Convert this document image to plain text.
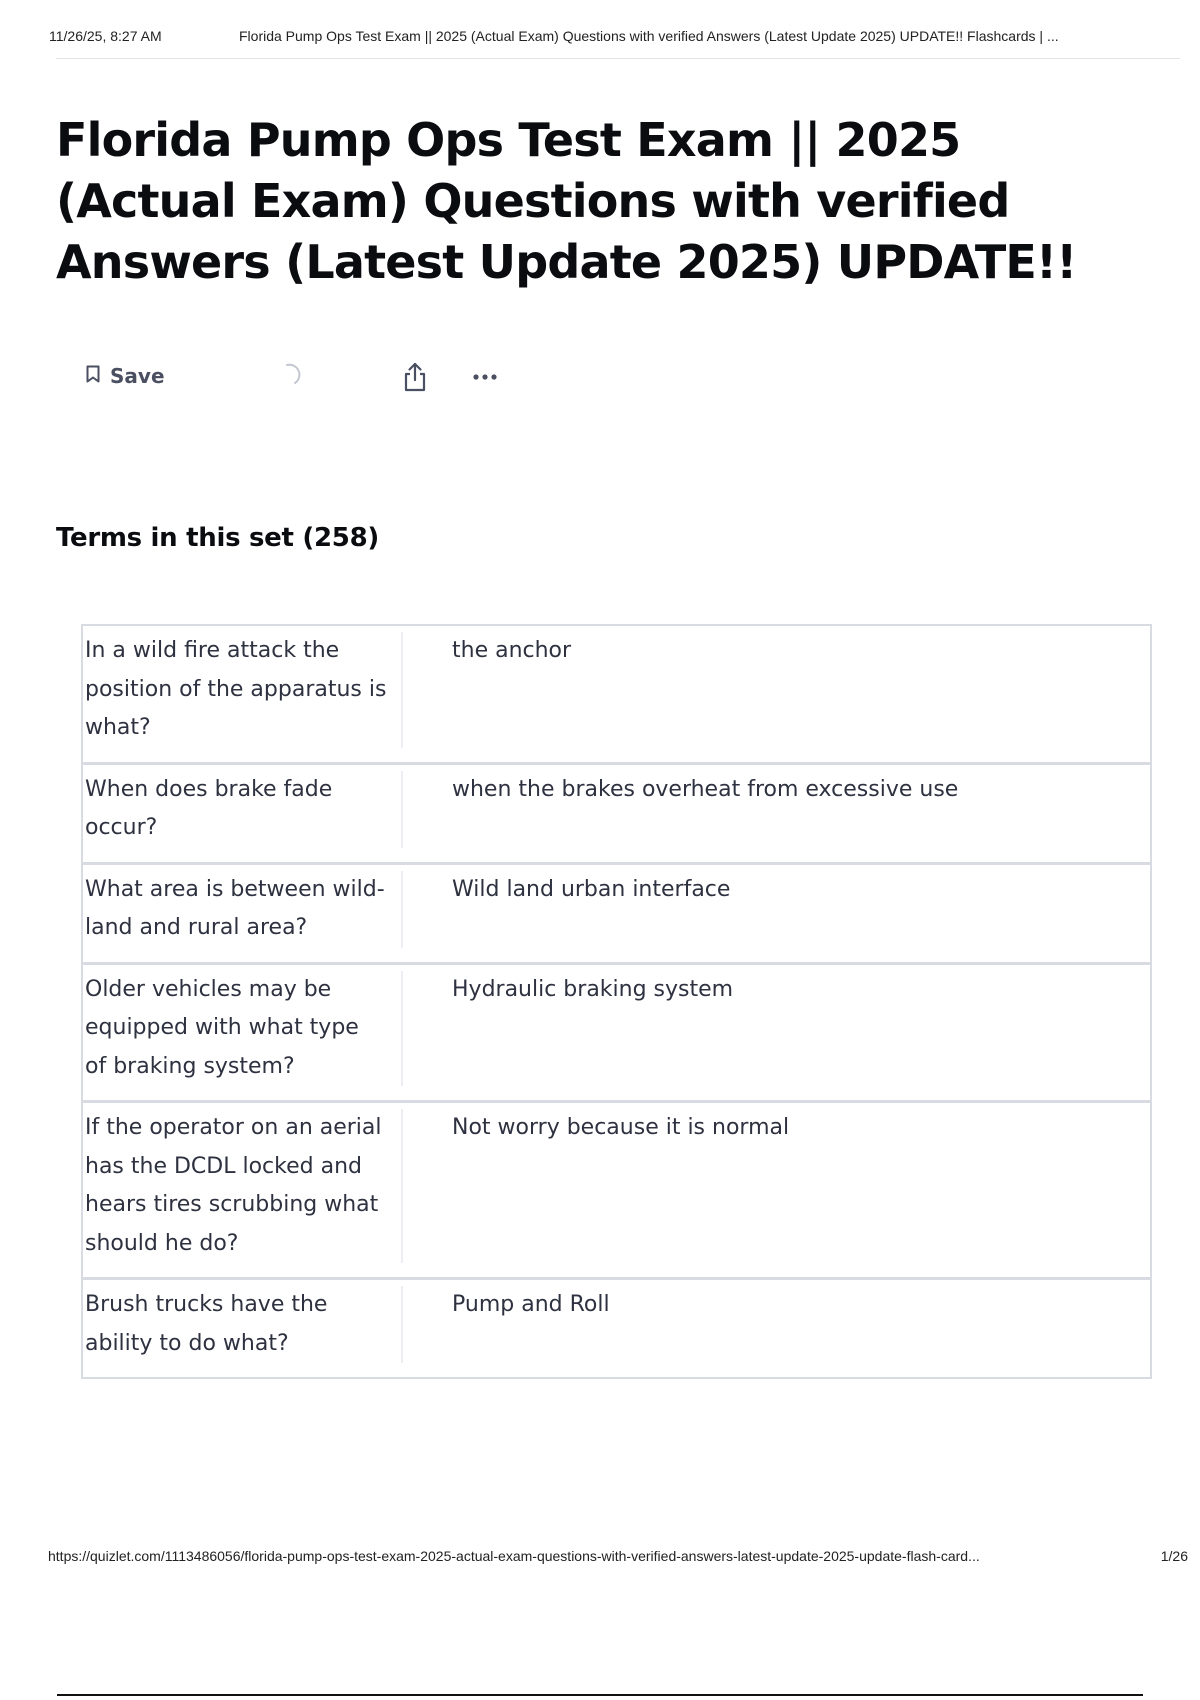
11/26/25, 8:27 AM	Florida Pump Ops Test Exam || 2025 (Actual Exam) Questions with verified Answers (Latest Update 2025) UPDATE!! Flashcards | ...
Florida Pump Ops Test Exam || 2025 (Actual Exam) Questions with verified Answers (Latest Update 2025) UPDATE!!
Save
Terms in this set (258)
In a wild fire attack the position of the apparatus is what?
the anchor
When does brake fade occur?
when the brakes overheat from excessive use
What area is between wild-land and rural area?
Wild land urban interface
Older vehicles may be equipped with what type of braking system?
Hydraulic braking system
If the operator on an aerial has the DCDL locked and hears tires scrubbing what should he do?
Not worry because it is normal
Brush trucks have the ability to do what?
Pump and Roll
https://quizlet.com/1113486056/florida-pump-ops-test-exam-2025-actual-exam-questions-with-verified-answers-latest-update-2025-update-flash-card...	1/26
